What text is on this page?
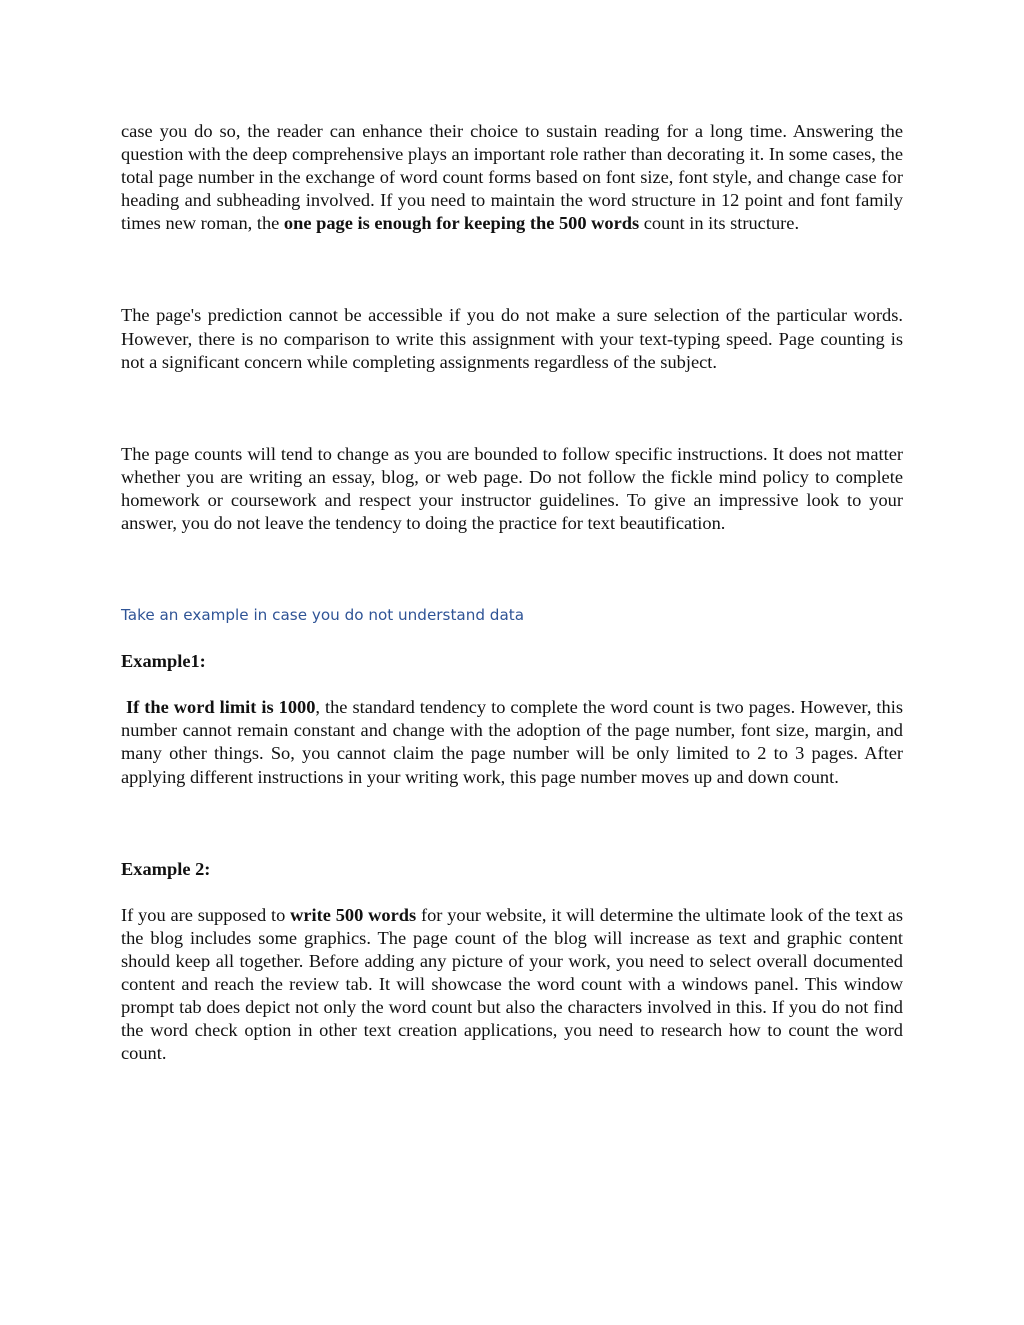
case you do so, the reader can enhance their choice to sustain reading for a long time. Answering the question with the deep comprehensive plays an important role rather than decorating it. In some cases, the total page number in the exchange of word count forms based on font size, font style, and change case for heading and subheading involved. If you need to maintain the word structure in 12 point and font family times new roman, the one page is enough for keeping the 500 words count in its structure.

The page's prediction cannot be accessible if you do not make a sure selection of the particular words. However, there is no comparison to write this assignment with your text-typing speed. Page counting is not a significant concern while completing assignments regardless of the subject.

The page counts will tend to change as you are bounded to follow specific instructions. It does not matter whether you are writing an essay, blog, or web page. Do not follow the fickle mind policy to complete homework or coursework and respect your instructor guidelines. To give an impressive look to your answer, you do not leave the tendency to doing the practice for text beautification.

Take an example in case you do not understand data

Example1:

If the word limit is 1000, the standard tendency to complete the word count is two pages. However, this number cannot remain constant and change with the adoption of the page number, font size, margin, and many other things. So, you cannot claim the page number will be only limited to 2 to 3 pages. After applying different instructions in your writing work, this page number moves up and down count.

Example 2:

If you are supposed to write 500 words for your website, it will determine the ultimate look of the text as the blog includes some graphics. The page count of the blog will increase as text and graphic content should keep all together. Before adding any picture of your work, you need to select overall documented content and reach the review tab. It will showcase the word count with a windows panel. This window prompt tab does depict not only the word count but also the characters involved in this. If you do not find the word check option in other text creation applications, you need to research how to count the word count.
